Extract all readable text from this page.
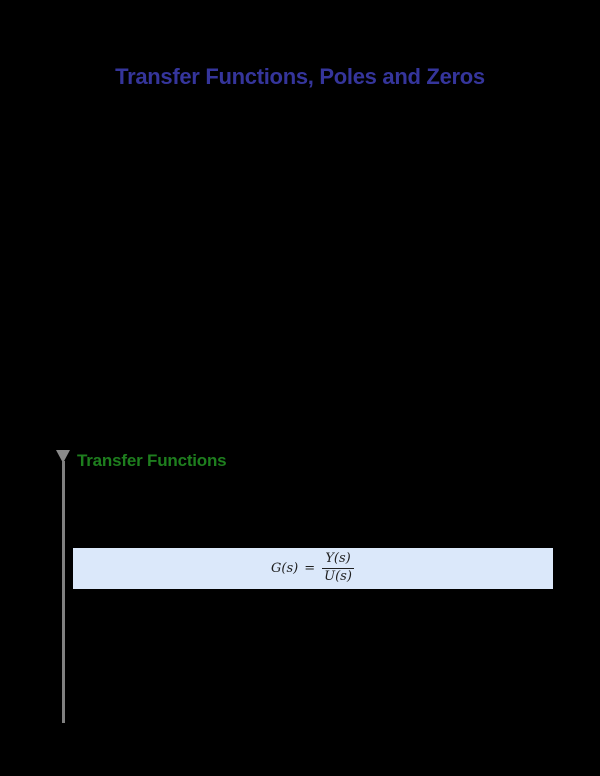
Transfer Functions, Poles and Zeros
Transfer Functions
$G(s) = \frac{Y(s)}{U(s)}$
